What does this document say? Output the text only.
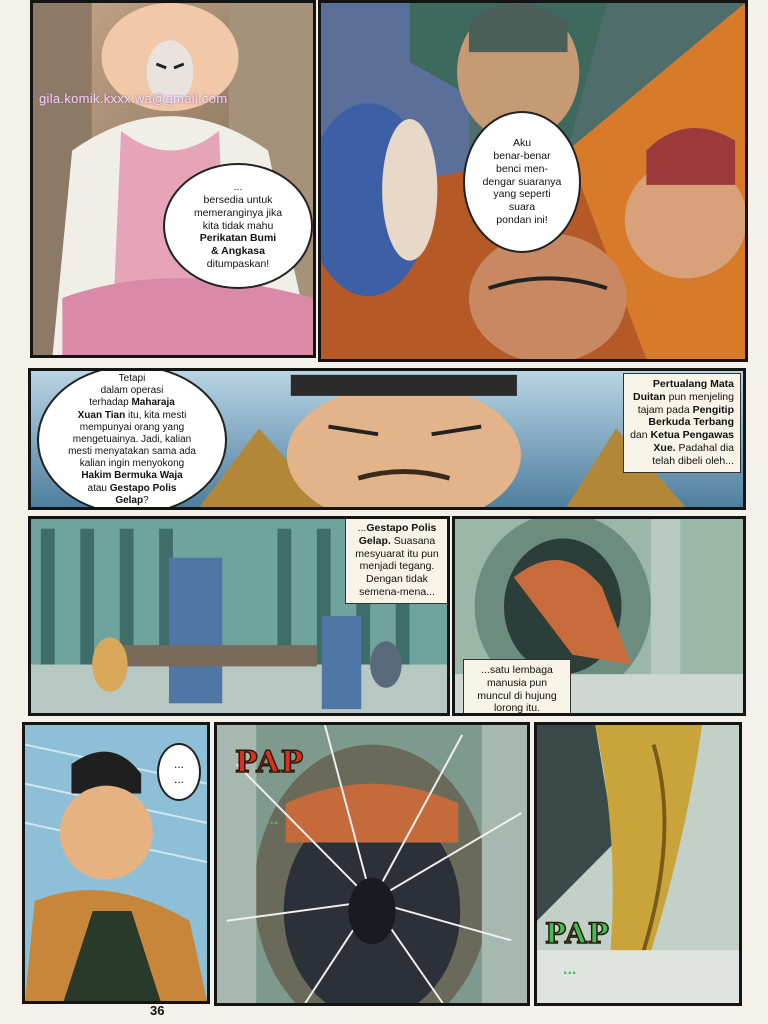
gila.komik.kxxx.wa@gmail.com
...
bersedia untuk
memeranginya jika
kita tidak mahu
Perikatan Bumi
& Angkasa
ditumpaskan!
Aku
benar-benar
benci men-
dengar suaranya
yang seperti
suara
pondan ini!
Tetapi
dalam operasi
terhadap Maharaja
Xuan Tian itu, kita mesti
mempunyai orang yang
mengetuainya. Jadi, kalian
mesti menyatakan sama ada
kalian ingin menyokong
Hakim Bermuka Waja
atau Gestapo Polis
Gelap?
Pertualang Mata
Duitan pun menjeling
tajam pada Pengitip
Berkuda Terbang
dan Ketua Pengawas
Xue. Padahal dia
telah dibeli oleh...
...Gestapo Polis
Gelap. Suasana
mesyuarat itu pun
menjadi tegang.
Dengan tidak
semena-mena...
...satu lembaga
manusia pun
muncul di hujung
lorong itu.
...
... PAP
...
PAP
...
36
